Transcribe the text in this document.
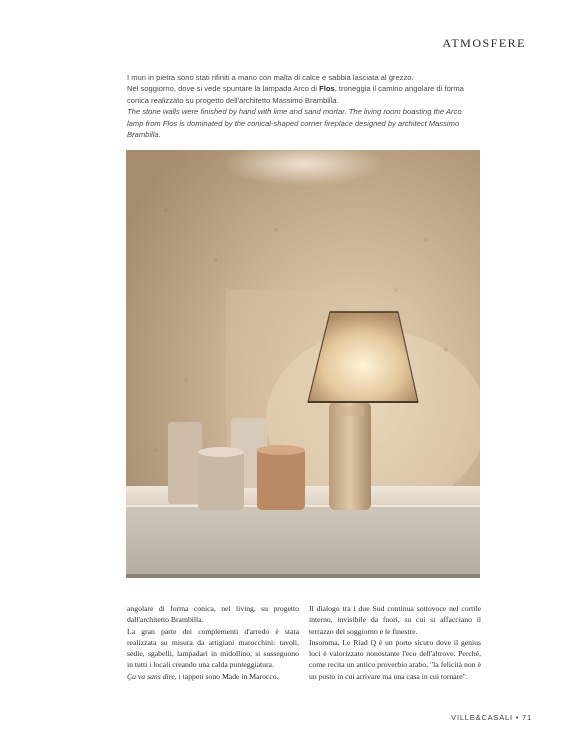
ATMOSFERE

I muri in pietra sono stati rifiniti a mano con malta di calce e sabbia lasciata al grezzo.
Nel soggiorno, dove si vede spuntare la lampada Arco di Flos, troneggia il camino angolare di forma conica realizzato su progetto dell'architetto Massimo Brambilla.

The stone walls were finished by hand with lime and sand mortar. The living room boasting the Arco lamp from Flos is dominated by the conical-shaped corner fireplace designed by architect Massimo Brambilla.

angolare di forma conica, nel living, su progetto dall'architetto Brambilla.

La gran parte dei complementi d'arredo è stata realizzata su misura da artigiani marocchini: tavoli, sedie, sgabelli, lampadari in midollino, si susseguono in tutti i locali creando una calda punteggiatura.

Ça va sans dire, i tappeti sono Made in Marocco.

Il dialogo tra i due Sud continua sottovoce nel cortile interno, invisibile da fuori, su cui si affacciano il terrazzo del soggiorno e le finestre.

Insomma, Le Riad Q è un porto sicuro dove il genius loci è valorizzato nonostante l'eco dell'altrove. Perché, come recita un antico proverbio arabo, "la felicità non è un posto in cui arrivare ma una casa in cui tornare".

VILLE&CASALI • 71
